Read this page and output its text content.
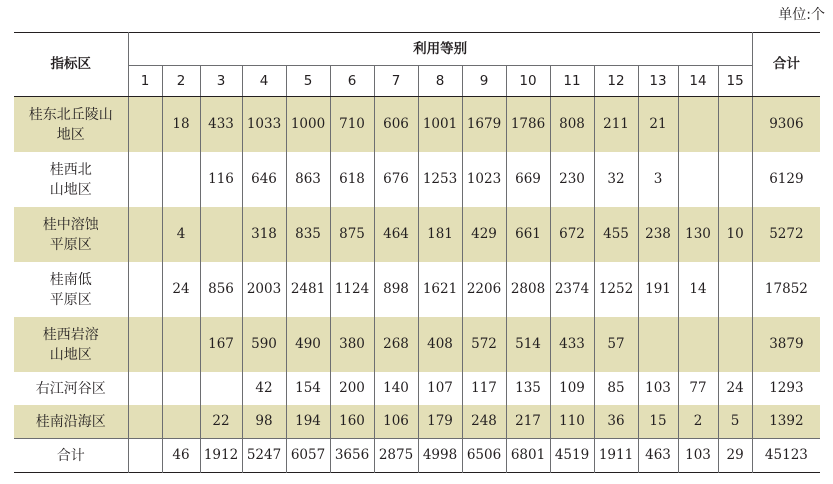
单位:个
指标区	利用等别															合计
	1	2	3	4	5	6	7	8	9	10	11	12	13	14	15	

桂东北丘陵山
地区		18	433	1033	1000	710	606	1001	1679	1786	808	211	21			9306

桂西北
山地区			116	646	863	618	676	1253	1023	669	230	32	3			6129

桂中溶蚀
平原区		4		318	835	875	464	181	429	661	672	455	238	130	10	5272

桂南低
平原区		24	856	2003	2481	1124	898	1621	2206	2808	2374	1252	191	14		17852

桂西岩溶
山地区			167	590	490	380	268	408	572	514	433	57				3879

右江河谷区				42	154	200	140	107	117	135	109	85	103	77	24	1293

桂南沿海区			22	98	194	160	106	179	248	217	110	36	15	2	5	1392

合计		46	1912	5247	6057	3656	2875	4998	6506	6801	4519	1911	463	103	29	45123
